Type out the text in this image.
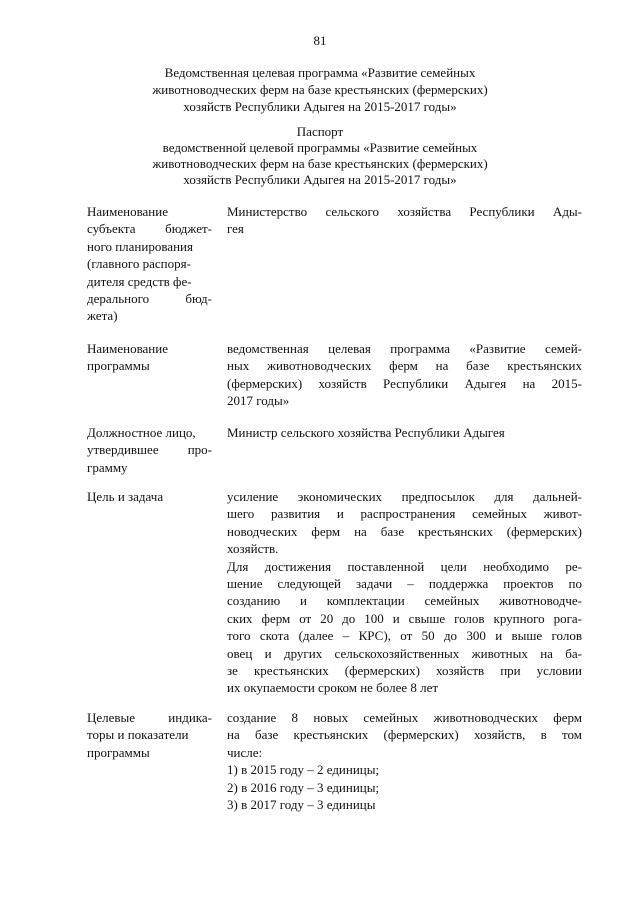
81
Ведомственная целевая программа «Развитие семейных
животноводческих ферм на базе крестьянских (фермерских)
хозяйств Республики Адыгея на 2015-2017 годы»
Паспорт
ведомственной целевой программы «Развитие семейных
животноводческих ферм на базе крестьянских (фермерских)
хозяйств Республики Адыгея на 2015-2017 годы»
Наименование
субъекта бюджет-
ного планирования
(главного распоря-
дителя средств фе-
дерального бюд-
жета)
Министерство сельского хозяйства Республики Ады-
гея
Наименование
программы
ведомственная целевая программа «Развитие семей-
ных животноводческих ферм на базе крестьянских
(фермерских) хозяйств Республики Адыгея на 2015-
2017 годы»
Должностное лицо,
утвердившее про-
грамму
Министр сельского хозяйства Республики Адыгея
Цель и задача	усиление экономических предпосылок для дальней-
шего развития и распространения семейных живот-
новодческих ферм на базе крестьянских (фермерских)
хозяйств.
Для достижения поставленной цели необходимо ре-
шение следующей задачи – поддержка проектов по
созданию и комплектации семейных животноводче-
ских ферм от 20 до 100 и свыше голов крупного рога-
того скота (далее – КРС), от 50 до 300 и выше голов
овец и других сельскохозяйственных животных на ба-
зе крестьянских (фермерских) хозяйств при условии
их окупаемости сроком не более 8 лет
Целевые индика-
торы и показатели
программы
создание 8 новых семейных животноводческих ферм
на базе крестьянских (фермерских) хозяйств, в том
числе:
1) в 2015 году – 2 единицы;
2) в 2016 году – 3 единицы;
3) в 2017 году – 3 единицы
